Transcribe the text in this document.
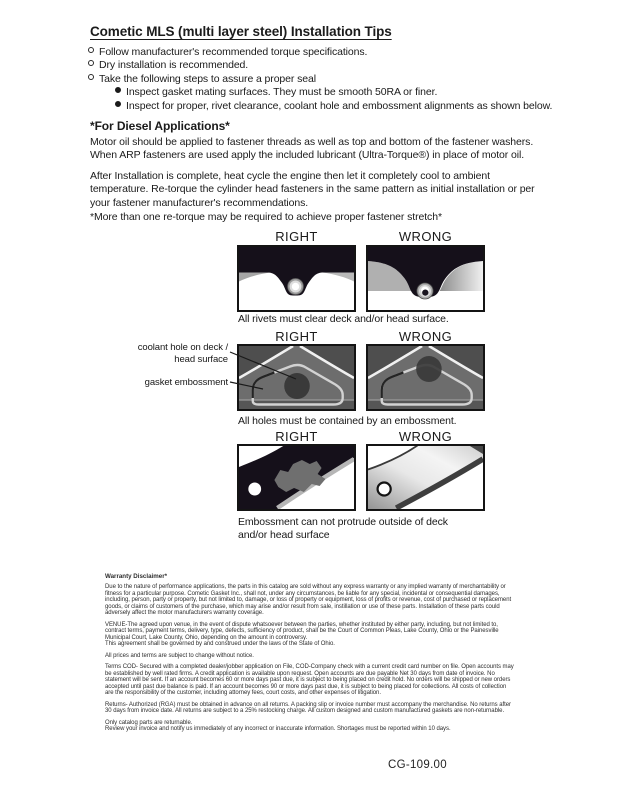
Cometic MLS (multi layer steel) Installation Tips
Follow manufacturer's recommended torque specifications.
Dry installation is recommended.
Take the following steps to assure a proper seal
Inspect gasket mating surfaces. They must be smooth 50RA or finer.
Inspect for proper, rivet clearance, coolant hole and embossment alignments as shown below.
*For Diesel Applications*
Motor oil should be applied to fastener threads as well as top and bottom of the fastener washers. When ARP fasteners are used apply the included lubricant (Ultra-Torque®) in place of motor oil.
After Installation is complete, heat cycle the engine then let it completely cool to ambient temperature. Re-torque the cylinder head fasteners in the same pattern as initial installation or per your fastener manufacturer's recommendations.
*More than one re-torque may be required to achieve proper fastener stretch*
RIGHT	WRONG
All rivets must clear deck and/or head surface.
RIGHT	WRONG
coolant hole on deck / head surface
gasket embossment
All holes must be contained by an embossment.
RIGHT	WRONG
Embossment can not protrude outside of deck and/or head surface
Warranty Disclaimer*
Due to the nature of performance applications, the parts in this catalog are sold without any express warranty or any implied warranty of merchantability or fitness for a particular purpose. Cometic Gasket Inc., shall not, under any circumstances, be liable for any special, incidental or consequential damages, including, person, party or property, but not limited to, damage, or loss of property or equipment, loss of profits or revenue, cost of purchased or replacement goods, or claims of customers of the purchase, which may arise and/or result from sale, instillation or use of these parts. Installation of these parts could adversely affect the motor manufacturers warranty coverage.
VENUE-The agreed upon venue, in the event of dispute whatsoever between the parties, whether instituted by either party, including, but not limited to, contract terms, payment terms, delivery, type, defects, sufficiency of product, shall be the Court of Common Pleas, Lake County, Ohio or the Painesville Municipal Court, Lake County, Ohio, depending on the amount in controversy.
This agreement shall be governed by and construed under the laws of the State of Ohio.
All prices and terms are subject to change without notice.
Terms COD- Secured with a completed dealer/jobber application on File, COD-Company check with a current credit card number on file. Open accounts may be established by well rated firms. A credit application is available upon request. Open accounts are due payable Net 30 days from date of invoice. No statement will be sent. If an account becomes 60 or more days past due, it is subject to being placed on credit hold. No orders will be shipped or new orders accepted until past due balance is paid. If an account becomes 90 or more days past due, it is subject to being placed for collections. All costs of collection are the responsibility of the customer, including attorney fees, court costs, and other expenses of litigation.
Returns- Authorized (RGA) must be obtained in advance on all returns. A packing slip or invoice number must accompany the merchandise. No returns after 30 days from invoice date. All returns are subject to a 25% restocking charge. All custom designed and custom manufactured gaskets are non-returnable.
Only catalog parts are returnable.
Review your invoice and notify us immediately of any incorrect or inaccurate information. Shortages must be reported within 10 days.
CG-109.00
